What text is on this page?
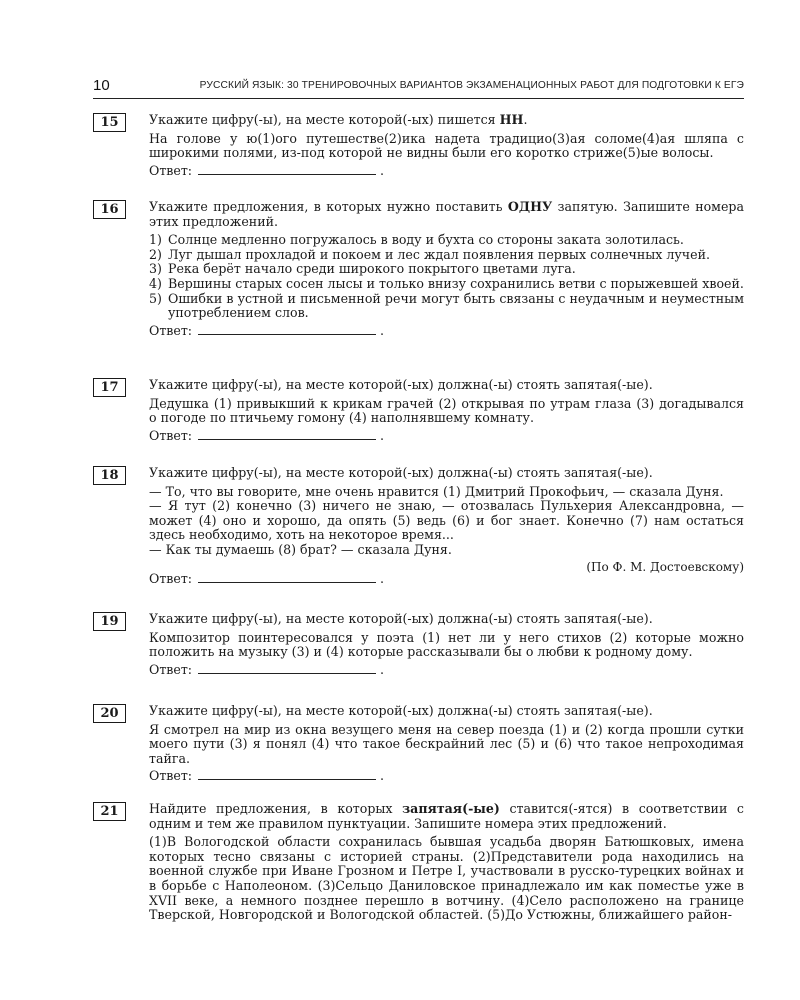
10	РУССКИЙ ЯЗЫК: 30 ТРЕНИРОВОЧНЫХ ВАРИАНТОВ ЭКЗАМЕНАЦИОННЫХ РАБОТ ДЛЯ ПОДГОТОВКИ К ЕГЭ
15	Укажите цифру(-ы), на месте которой(-ых) пишется НН.

На голове у ю(1)ого путешестве(2)ика надета традицио(3)ая соломе(4)ая шляпа с широкими полями, из-под которой не видны были его коротко стриже(5)ые волосы.

Ответ:	.
16	Укажите предложения, в которых нужно поставить ОДНУ запятую. Запишите номера этих предложений.

1) Солнце медленно погружалось в воду и бухта со стороны заката золотилась.
2) Луг дышал прохладой и покоем и лес ждал появления первых солнечных лучей.
3) Река берёт начало среди широкого покрытого цветами луга.
4) Вершины старых сосен лысы и только внизу сохранились ветви с порыжевшей хвоей.
5) Ошибки в устной и письменной речи могут быть связаны с неудачным и неуместным употреблением слов.
Ответ:	.
17	Укажите цифру(-ы), на месте которой(-ых) должна(-ы) стоять запятая(-ые).

Дедушка (1) привыкший к крикам грачей (2) открывая по утрам глаза (3) догадывался о погоде по птичьему гомону (4) наполнявшему комнату.

Ответ:	.
18	Укажите цифру(-ы), на месте которой(-ых) должна(-ы) стоять запятая(-ые).

— То, что вы говорите, мне очень нравится (1) Дмитрий Прокофьич, — сказала Дуня.

— Я тут (2) конечно (3) ничего не знаю, — отозвалась Пульхерия Александровна, — может (4) оно и хорошо, да опять (5) ведь (6) и бог знает. Конечно (7) нам остаться здесь необходимо, хоть на некоторое время...

— Как ты думаешь (8) брат? — сказала Дуня.

(По Ф. М. Достоевскому)
Ответ:	.
19	Укажите цифру(-ы), на месте которой(-ых) должна(-ы) стоять запятая(-ые).

Композитор поинтересовался у поэта (1) нет ли у него стихов (2) которые можно положить на музыку (3) и (4) которые рассказывали бы о любви к родному дому.

Ответ:	.
20	Укажите цифру(-ы), на месте которой(-ых) должна(-ы) стоять запятая(-ые).

Я смотрел на мир из окна везущего меня на север поезда (1) и (2) когда прошли сутки моего пути (3) я понял (4) что такое бескрайний лес (5) и (6) что такое непроходимая тайга.

Ответ:	.
21	Найдите предложения, в которых запятая(-ые) ставится(-ятся) в соответствии с одним и тем же правилом пунктуации. Запишите номера этих предложений.

(1)В Вологодской области сохранилась бывшая усадьба дворян Батюшковых, имена которых тесно связаны с историей страны. (2)Представители рода находились на военной службе при Иване Грозном и Петре I, участвовали в русско-турецких войнах и в борьбе с Наполеоном. (3)Сельцо Даниловское принадлежало им как поместье уже в XVII веке, а немного позднее перешло в вотчину. (4)Село расположено на границе Тверской, Новгородской и Вологодской областей. (5)До Устюжны, ближайшего район-
